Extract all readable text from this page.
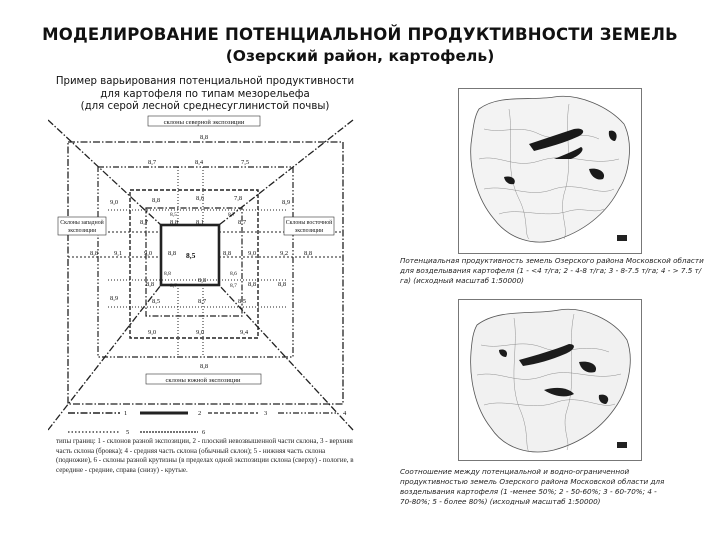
МОДЕЛИРОВАНИЕ ПОТЕНЦИАЛЬНОЙ ПРОДУКТИВНОСТИ ЗЕМЕЛЬ
(Озерский район, картофель)
Пример варьирования потенциальной продуктивности
для картофеля по типам мезорельефа
(для серой лесной среднесуглинистой почвы)
склоны северной экспозиции
склоны южной экспозиции
Склоны западной
экспозиции
Склоны восточной
экспозиции
8,8
8,7	8,4	7,5
9,0	8,8	8,6	7,8
8,9
8,5	8,7
8,7	8,8	8,1	8,7
8,8 9,1	9,0 8,8	8,8	9,0	9,2 8,8
8,5
8,8
8,7
8,6
8,7
8,8
8,8
8,8	8,8
8,9	8,5	8,7	8,5
9,0	9,0	9,4
8,8
1	2	3	4
5	6
типы границ: 1 - склонов разной экспозиции, 2 - плоский невозвышенной части склона, 3 - верхняя часть склона (бровка); 4 - средняя часть склона (обычный склон); 5 - нижняя часть склона (подножие), 6 - склоны разной крутизны (в пределах одной экспозиции склона (сверху) - пологие, в середине - средние, справа (снизу) - крутые.
Потенциальная продуктивность земель Озерского района Московской области для возделывания картофеля (1 - <4 т/га; 2 - 4-8 т/га; 3 - 8-7.5 т/га; 4 - > 7.5 т/га) (исходный масштаб 1:50000)
Соотношение между потенциальной и водно-ограниченной продуктивностью земель Озерского района Московской области для возделывания картофеля (1 -менее 50%; 2 - 50-60%; 3 - 60-70%; 4 - 70-80%; 5 - более 80%) (исходный масштаб 1:50000)
